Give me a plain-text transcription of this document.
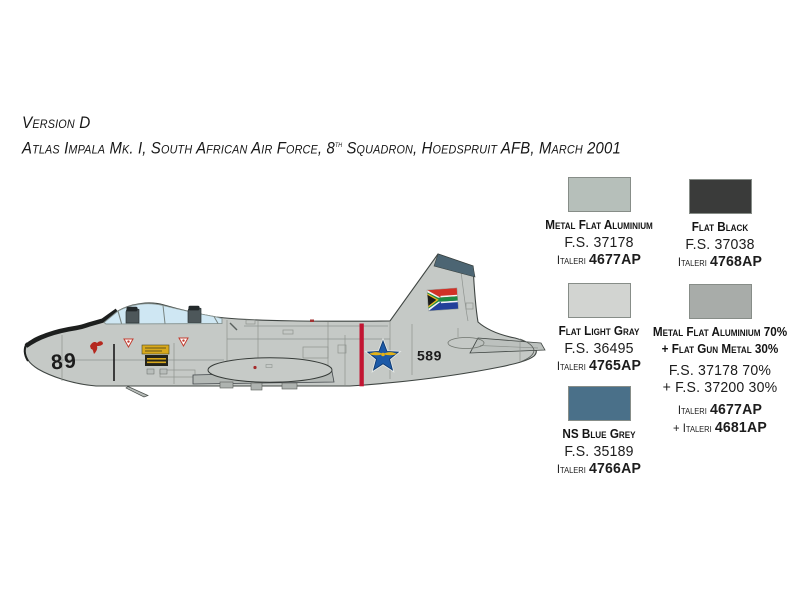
Version D
Atlas Impala Mk. I, South African Air Force, 8th Squadron, Hoedspruit AFB, March 2001
89	589
Metal Flat Aluminium
F.S. 37178
Italeri 4677AP
Flat Black
F.S. 37038
Italeri 4768AP
Flat Light Gray
F.S. 36495
Italeri 4765AP
Metal Flat Aluminium 70%
+ Flat Gun Metal 30%
F.S. 37178 70%
+ F.S. 37200 30%
Italeri 4677AP
+ Italeri 4681AP
NS Blue Grey
F.S. 35189
Italeri 4766AP
